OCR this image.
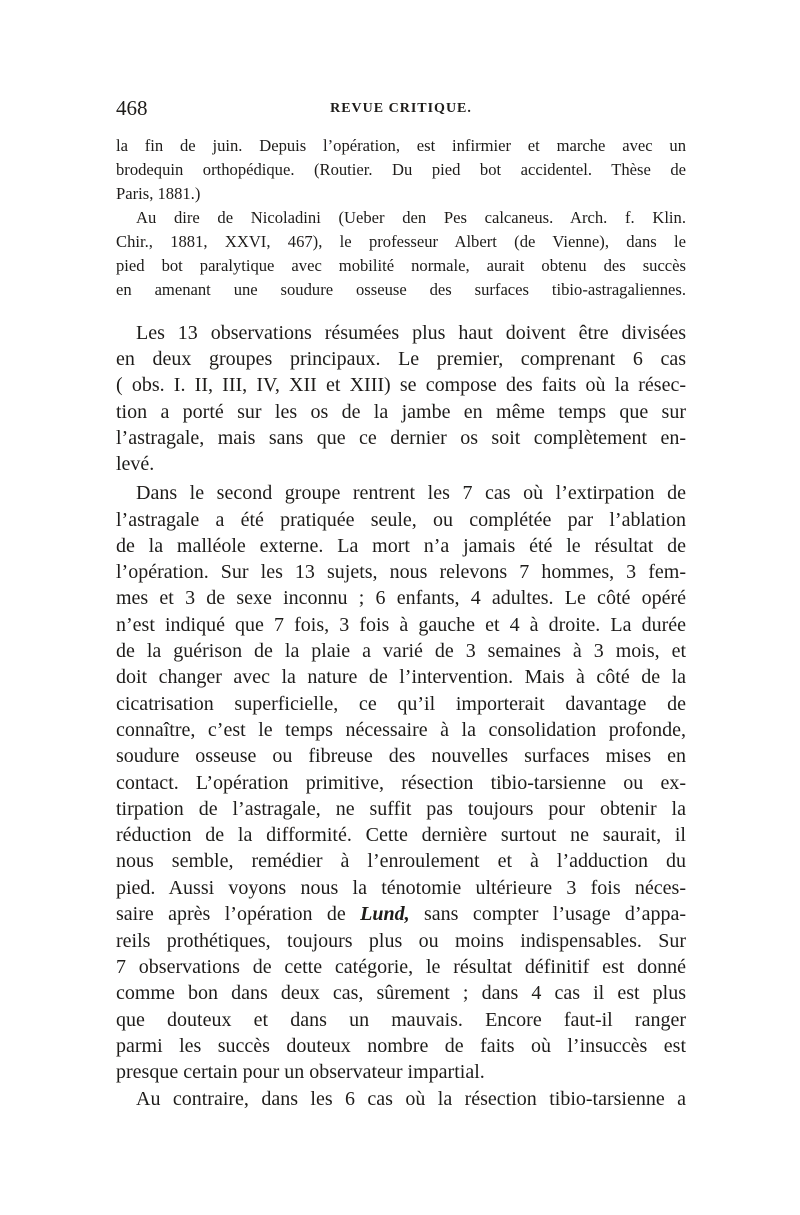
468	REVUE CRITIQUE.
la fin de juin. Depuis l’opération, est infirmier et marche avec un
brodequin orthopédique. (Routier. Du pied bot accidentel. Thèse de
Paris, 1881.)
Au dire de Nicoladini (Ueber den Pes calcaneus. Arch. f. Klin.
Chir., 1881, XXVI, 467), le professeur Albert (de Vienne), dans le
pied bot paralytique avec mobilité normale, aurait obtenu des succès
en amenant une soudure osseuse des surfaces tibio-astragaliennes.
Les 13 observations résumées plus haut doivent être divisées
en deux groupes principaux. Le premier, comprenant 6 cas
( obs. I. II, III, IV, XII et XIII) se compose des faits où la résec-
tion a porté sur les os de la jambe en même temps que sur
l’astragale, mais sans que ce dernier os soit complètement en-
levé.
Dans le second groupe rentrent les 7 cas où l’extirpation de
l’astragale a été pratiquée seule, ou complétée par l’ablation
de la malléole externe. La mort n’a jamais été le résultat de
l’opération. Sur les 13 sujets, nous relevons 7 hommes, 3 fem-
mes et 3 de sexe inconnu ; 6 enfants, 4 adultes. Le côté opéré
n’est indiqué que 7 fois, 3 fois à gauche et 4 à droite. La durée
de la guérison de la plaie a varié de 3 semaines à 3 mois, et
doit changer avec la nature de l’intervention. Mais à côté de la
cicatrisation superficielle, ce qu’il importerait davantage de
connaître, c’est le temps nécessaire à la consolidation profonde,
soudure osseuse ou fibreuse des nouvelles surfaces mises en
contact. L’opération primitive, résection tibio-tarsienne ou ex-
tirpation de l’astragale, ne suffit pas toujours pour obtenir la
réduction de la difformité. Cette dernière surtout ne saurait, il
nous semble, remédier à l’enroulement et à l’adduction du
pied. Aussi voyons nous la ténotomie ultérieure 3 fois néces-
saire après l’opération de Lund, sans compter l’usage d’appa-
reils prothétiques, toujours plus ou moins indispensables. Sur
7 observations de cette catégorie, le résultat définitif est donné
comme bon dans deux cas, sûrement ; dans 4 cas il est plus
que douteux et dans un mauvais. Encore faut-il ranger
parmi les succès douteux nombre de faits où l’insuccès est
presque certain pour un observateur impartial.
Au contraire, dans les 6 cas où la résection tibio-tarsienne a
